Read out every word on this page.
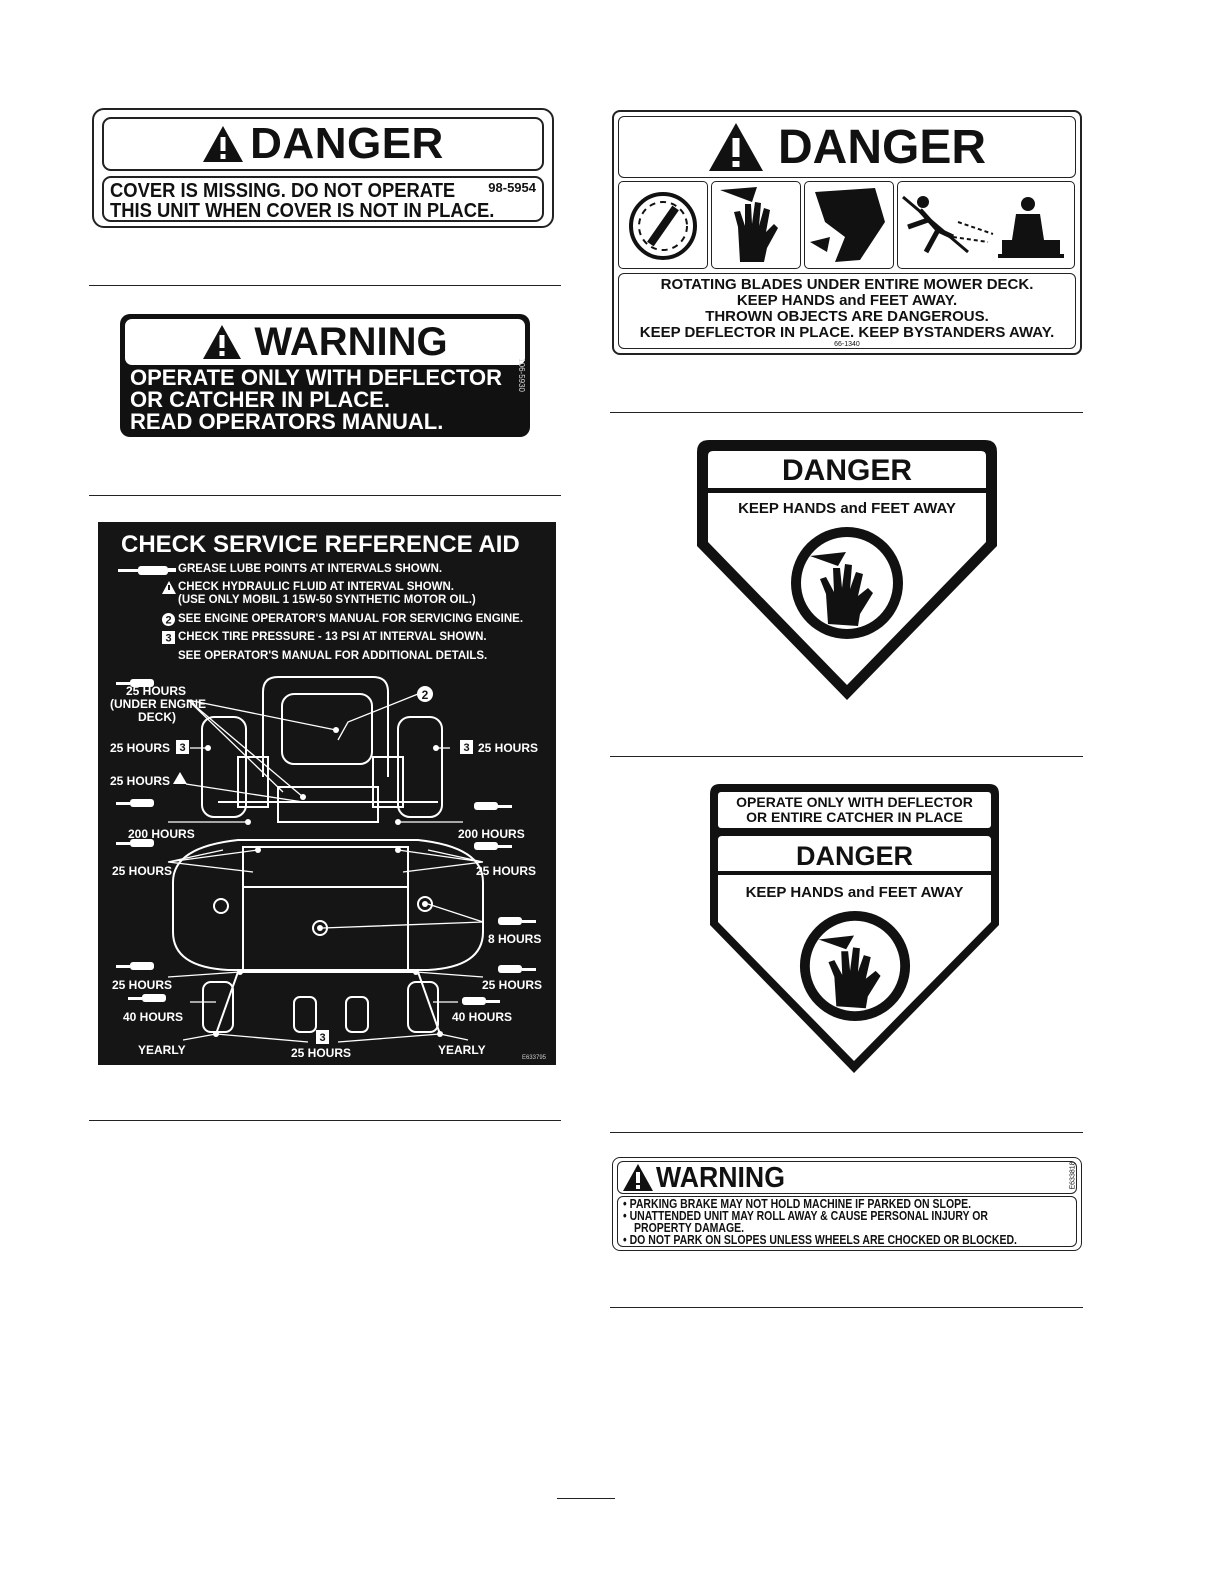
DANGER
COVER IS MISSING. DO NOT OPERATE
THIS UNIT WHEN COVER IS NOT IN PLACE.
98-5954
WARNING
OPERATE ONLY WITH DEFLECTOR
OR CATCHER IN PLACE.
READ OPERATORS MANUAL.
106-5930
CHECK SERVICE REFERENCE AID
2
3
GREASE LUBE POINTS AT INTERVALS SHOWN.
CHECK HYDRAULIC FLUID AT INTERVAL SHOWN.
(USE ONLY MOBIL 1 15W-50 SYNTHETIC MOTOR OIL.)
SEE ENGINE OPERATOR'S MANUAL FOR SERVICING ENGINE.
CHECK TIRE PRESSURE - 13 PSI AT INTERVAL SHOWN.
SEE OPERATOR'S MANUAL FOR ADDITIONAL DETAILS.
2
3	3
3
25 HOURS
(UNDER ENGINE
DECK)
25 HOURS	25 HOURS
25 HOURS
200 HOURS	200 HOURS
25 HOURS	25 HOURS
8 HOURS
25 HOURS	25 HOURS
40 HOURS	40 HOURS
YEARLY	YEARLY
25 HOURS	E633795
DANGER
ROTATING BLADES UNDER ENTIRE MOWER DECK.
KEEP HANDS and FEET AWAY.
THROWN OBJECTS ARE DANGEROUS.
KEEP DEFLECTOR IN PLACE. KEEP BYSTANDERS AWAY.
66-1340
DANGER
KEEP HANDS and FEET AWAY
OPERATE ONLY WITH DEFLECTOR
OR ENTIRE CATCHER IN PLACE
DANGER
KEEP HANDS and FEET AWAY
WARNING
• PARKING BRAKE MAY NOT HOLD MACHINE IF PARKED ON SLOPE.
• UNATTENDED UNIT MAY ROLL AWAY & CAUSE PERSONAL INJURY OR
PROPERTY DAMAGE.
• DO NOT PARK ON SLOPES UNLESS WHEELS ARE CHOCKED OR BLOCKED.
E633818
